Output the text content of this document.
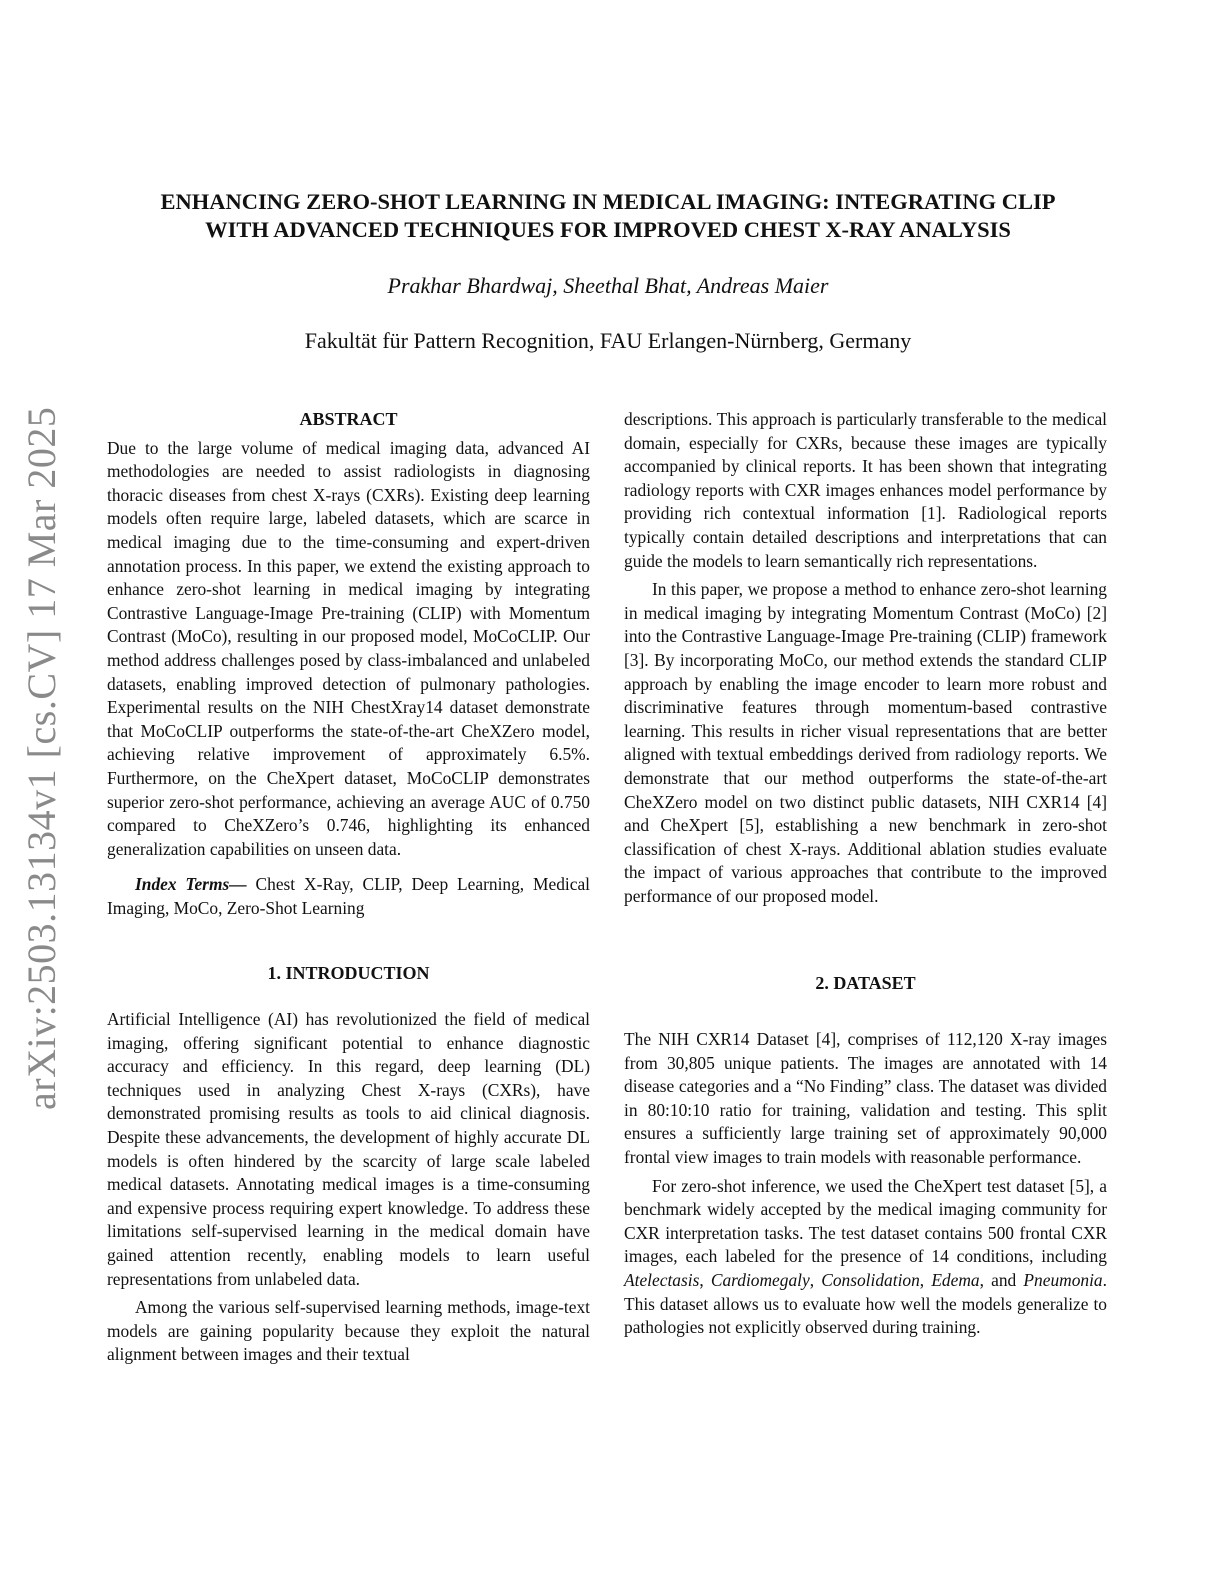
arXiv:2503.13134v1 [cs.CV] 17 Mar 2025
ENHANCING ZERO-SHOT LEARNING IN MEDICAL IMAGING: INTEGRATING CLIP
WITH ADVANCED TECHNIQUES FOR IMPROVED CHEST X-RAY ANALYSIS
Prakhar Bhardwaj, Sheethal Bhat, Andreas Maier
Fakultät für Pattern Recognition, FAU Erlangen-Nürnberg, Germany
ABSTRACT

Due to the large volume of medical imaging data, advanced AI methodologies are needed to assist radiologists in diagnosing thoracic diseases from chest X-rays (CXRs). Existing deep learning models often require large, labeled datasets, which are scarce in medical imaging due to the time-consuming and expert-driven annotation process. In this paper, we extend the existing approach to enhance zero-shot learning in medical imaging by integrating Contrastive Language-Image Pre-training (CLIP) with Momentum Contrast (MoCo), resulting in our proposed model, MoCoCLIP. Our method address challenges posed by class-imbalanced and unlabeled datasets, enabling improved detection of pulmonary pathologies. Experimental results on the NIH ChestXray14 dataset demonstrate that MoCoCLIP outperforms the state-of-the-art CheXZero model, achieving relative improvement of approximately 6.5%. Furthermore, on the CheXpert dataset, MoCoCLIP demonstrates superior zero-shot performance, achieving an average AUC of 0.750 compared to CheXZero’s 0.746, highlighting its enhanced generalization capabilities on unseen data.

Index Terms— Chest X-Ray, CLIP, Deep Learning, Medical Imaging, MoCo, Zero-Shot Learning

1. INTRODUCTION

Artificial Intelligence (AI) has revolutionized the field of medical imaging, offering significant potential to enhance diagnostic accuracy and efficiency. In this regard, deep learning (DL) techniques used in analyzing Chest X-rays (CXRs), have demonstrated promising results as tools to aid clinical diagnosis. Despite these advancements, the development of highly accurate DL models is often hindered by the scarcity of large scale labeled medical datasets. Annotating medical images is a time-consuming and expensive process requiring expert knowledge. To address these limitations self-supervised learning in the medical domain have gained attention recently, enabling models to learn useful representations from unlabeled data.

Among the various self-supervised learning methods, image-text models are gaining popularity because they exploit the natural alignment between images and their textual

descriptions. This approach is particularly transferable to the medical domain, especially for CXRs, because these images are typically accompanied by clinical reports. It has been shown that integrating radiology reports with CXR images enhances model performance by providing rich contextual information [1]. Radiological reports typically contain detailed descriptions and interpretations that can guide the models to learn semantically rich representations.

In this paper, we propose a method to enhance zero-shot learning in medical imaging by integrating Momentum Contrast (MoCo) [2] into the Contrastive Language-Image Pre-training (CLIP) framework [3]. By incorporating MoCo, our method extends the standard CLIP approach by enabling the image encoder to learn more robust and discriminative features through momentum-based contrastive learning. This results in richer visual representations that are better aligned with textual embeddings derived from radiology reports. We demonstrate that our method outperforms the state-of-the-art CheXZero model on two distinct public datasets, NIH CXR14 [4] and CheXpert [5], establishing a new benchmark in zero-shot classification of chest X-rays. Additional ablation studies evaluate the impact of various approaches that contribute to the improved performance of our proposed model.

2. DATASET

The NIH CXR14 Dataset [4], comprises of 112,120 X-ray images from 30,805 unique patients. The images are annotated with 14 disease categories and a “No Finding” class. The dataset was divided in 80:10:10 ratio for training, validation and testing. This split ensures a sufficiently large training set of approximately 90,000 frontal view images to train models with reasonable performance.

For zero-shot inference, we used the CheXpert test dataset [5], a benchmark widely accepted by the medical imaging community for CXR interpretation tasks. The test dataset contains 500 frontal CXR images, each labeled for the presence of 14 conditions, including Atelectasis, Cardiomegaly, Consolidation, Edema, and Pneumonia. This dataset allows us to evaluate how well the models generalize to pathologies not explicitly observed during training.
